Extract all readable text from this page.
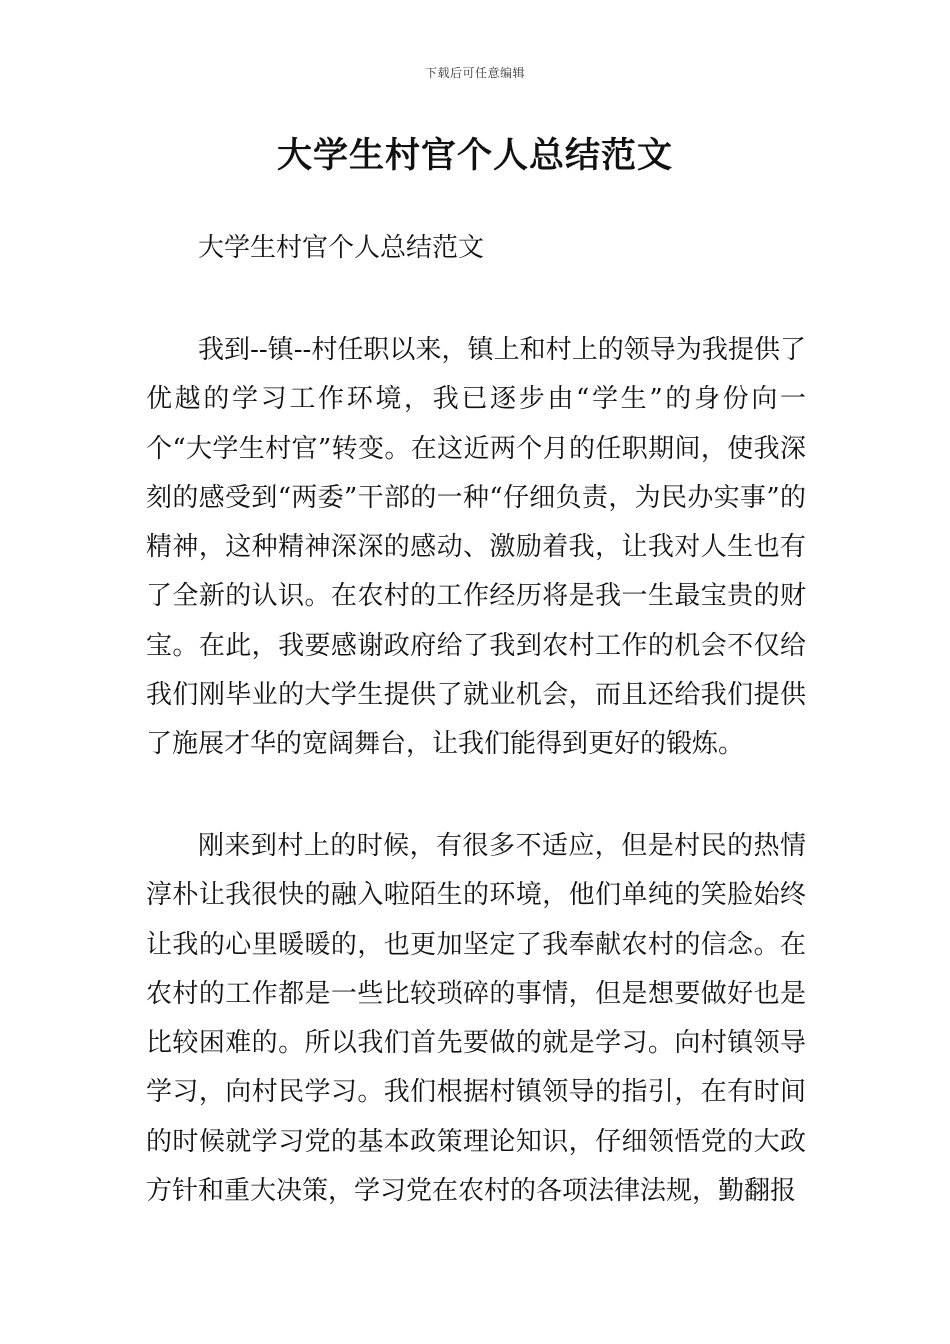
下载后可任意编辑
大学生村官个人总结范文

大学生村官个人总结范文

我到--镇--村任职以来，镇上和村上的领导为我提供了优越的学习工作环境，我已逐步由“学生”的身份向一个“大学生村官”转变。在这近两个月的任职期间，使我深刻的感受到“两委”干部的一种“仔细负责，为民办实事”的精神，这种精神深深的感动、激励着我，让我对人生也有了全新的认识。在农村的工作经历将是我一生最宝贵的财宝。在此，我要感谢政府给了我到农村工作的机会不仅给我们刚毕业的大学生提供了就业机会，而且还给我们提供了施展才华的宽阔舞台，让我们能得到更好的锻炼。

刚来到村上的时候，有很多不适应，但是村民的热情淳朴让我很快的融入啦陌生的环境，他们单纯的笑脸始终让我的心里暖暖的，也更加坚定了我奉献农村的信念。在农村的工作都是一些比较琐碎的事情，但是想要做好也是比较困难的。所以我们首先要做的就是学习。向村镇领导学习，向村民学习。我们根据村镇领导的指引，在有时间的时候就学习党的基本政策理论知识，仔细领悟党的大政方针和重大决策，学习党在农村的各项法律法规，勤翻报
